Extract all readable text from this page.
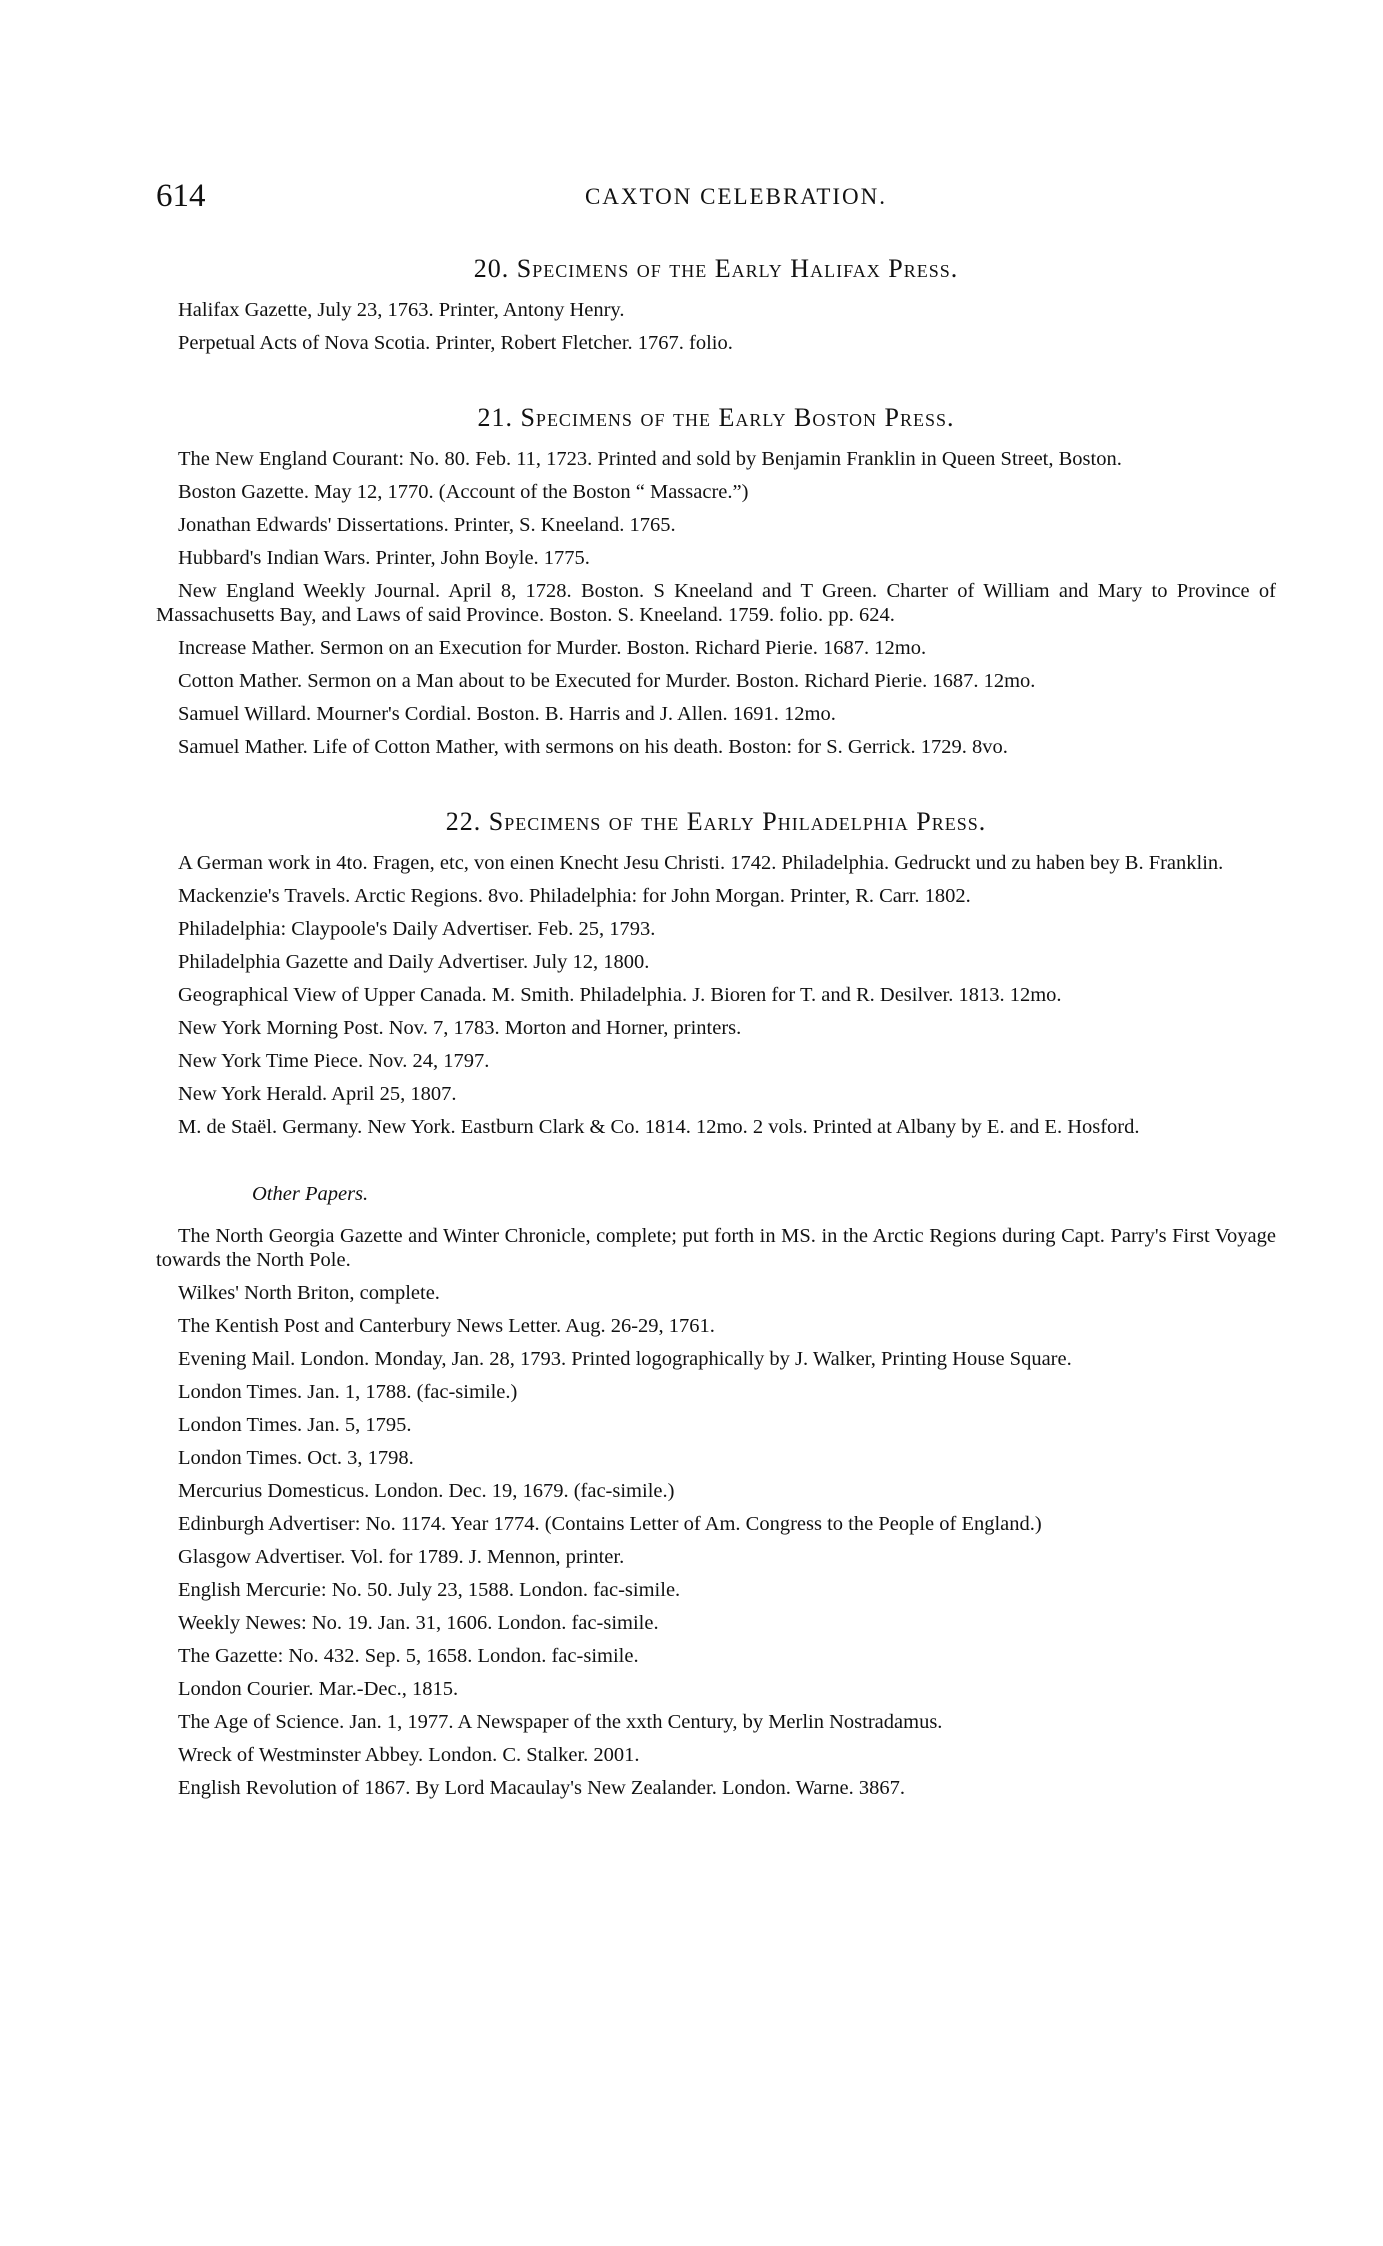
614	CAXTON CELEBRATION.
20. Specimens of the Early Halifax Press.

Halifax Gazette, July 23, 1763. Printer, Antony Henry.

Perpetual Acts of Nova Scotia. Printer, Robert Fletcher. 1767. folio.

21. Specimens of the Early Boston Press.

The New England Courant: No. 80. Feb. 11, 1723. Printed and sold by Benjamin Franklin in Queen Street, Boston.

Boston Gazette. May 12, 1770. (Account of the Boston “ Massacre.”)

Jonathan Edwards' Dissertations. Printer, S. Kneeland. 1765.

Hubbard's Indian Wars. Printer, John Boyle. 1775.

New England Weekly Journal. April 8, 1728. Boston. S Kneeland and T Green. Charter of William and Mary to Province of Massachusetts Bay, and Laws of said Province. Boston. S. Kneeland. 1759. folio. pp. 624.

Increase Mather. Sermon on an Execution for Murder. Boston. Richard Pierie. 1687. 12mo.

Cotton Mather. Sermon on a Man about to be Executed for Murder. Boston. Richard Pierie. 1687. 12mo.

Samuel Willard. Mourner's Cordial. Boston. B. Harris and J. Allen. 1691. 12mo.

Samuel Mather. Life of Cotton Mather, with sermons on his death. Boston: for S. Gerrick. 1729. 8vo.

22. Specimens of the Early Philadelphia Press.

A German work in 4to. Fragen, etc, von einen Knecht Jesu Christi. 1742. Philadelphia. Gedruckt und zu haben bey B. Franklin.

Mackenzie's Travels. Arctic Regions. 8vo. Philadelphia: for John Morgan. Printer, R. Carr. 1802.

Philadelphia: Claypoole's Daily Advertiser. Feb. 25, 1793.

Philadelphia Gazette and Daily Advertiser. July 12, 1800.

Geographical View of Upper Canada. M. Smith. Philadelphia. J. Bioren for T. and R. Desilver. 1813. 12mo.

New York Morning Post. Nov. 7, 1783. Morton and Horner, printers.

New York Time Piece. Nov. 24, 1797.

New York Herald. April 25, 1807.

M. de Staël. Germany. New York. Eastburn Clark & Co. 1814. 12mo. 2 vols. Printed at Albany by E. and E. Hosford.

Other Papers.

The North Georgia Gazette and Winter Chronicle, complete; put forth in MS. in the Arctic Regions during Capt. Parry's First Voyage towards the North Pole.

Wilkes' North Briton, complete.

The Kentish Post and Canterbury News Letter. Aug. 26-29, 1761.

Evening Mail. London. Monday, Jan. 28, 1793. Printed logographically by J. Walker, Printing House Square.

London Times. Jan. 1, 1788. (fac-simile.)

London Times. Jan. 5, 1795.

London Times. Oct. 3, 1798.

Mercurius Domesticus. London. Dec. 19, 1679. (fac-simile.)

Edinburgh Advertiser: No. 1174. Year 1774. (Contains Letter of Am. Congress to the People of England.)

Glasgow Advertiser. Vol. for 1789. J. Mennon, printer.

English Mercurie: No. 50. July 23, 1588. London. fac-simile.

Weekly Newes: No. 19. Jan. 31, 1606. London. fac-simile.

The Gazette: No. 432. Sep. 5, 1658. London. fac-simile.

London Courier. Mar.-Dec., 1815.

The Age of Science. Jan. 1, 1977. A Newspaper of the xxth Century, by Merlin Nostradamus.

Wreck of Westminster Abbey. London. C. Stalker. 2001.

English Revolution of 1867. By Lord Macaulay's New Zealander. London. Warne. 3867.
